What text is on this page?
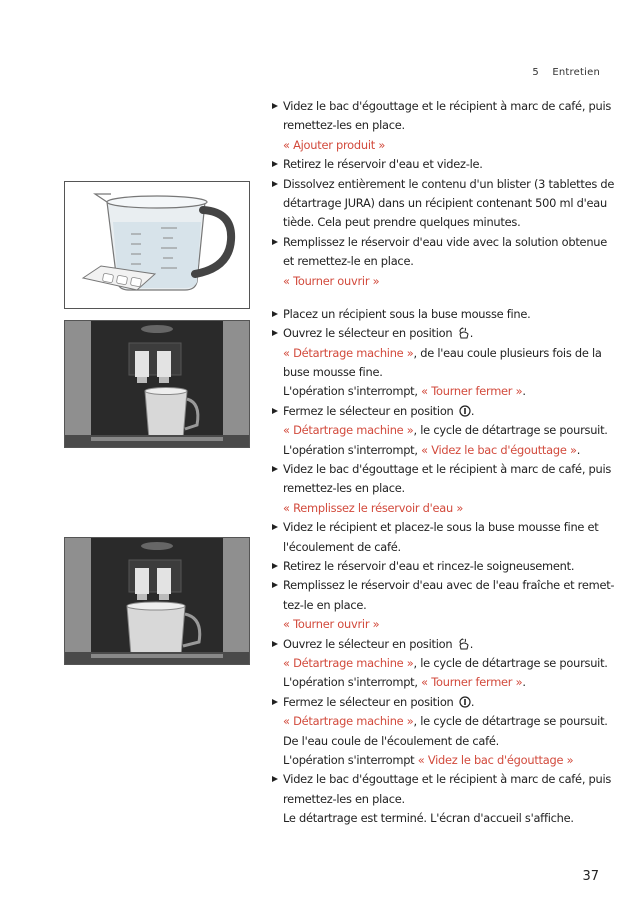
5 Entretien
Videz le bac d'égouttage et le récipient à marc de café, puis
remettez-les en place.
« Ajouter produit »
Retirez le réservoir d'eau et videz-le.
Dissolvez entièrement le contenu d'un blister (3 tablettes de
détartrage JURA) dans un récipient contenant 500 ml d'eau
tiède. Cela peut prendre quelques minutes.
Remplissez le réservoir d'eau vide avec la solution obtenue
et remettez-le en place.
« Tourner ouvrir »
Placez un récipient sous la buse mousse fine.
Ouvrez le sélecteur en position .
« Détartrage machine », de l'eau coule plusieurs fois de la
buse mousse fine.
L'opération s'interrompt, « Tourner fermer ».
Fermez le sélecteur en position .
« Détartrage machine », le cycle de détartrage se poursuit.
L'opération s'interrompt, « Videz le bac d'égouttage ».
Videz le bac d'égouttage et le récipient à marc de café, puis
remettez-les en place.
« Remplissez le réservoir d'eau »
Videz le récipient et placez-le sous la buse mousse fine et
l'écoulement de café.
Retirez le réservoir d'eau et rincez-le soigneusement.
Remplissez le réservoir d'eau avec de l'eau fraîche et remet-
tez-le en place.
« Tourner ouvrir »
Ouvrez le sélecteur en position .
« Détartrage machine », le cycle de détartrage se poursuit.
L'opération s'interrompt, « Tourner fermer ».
Fermez le sélecteur en position .
« Détartrage machine », le cycle de détartrage se poursuit.
De l'eau coule de l'écoulement de café.
L'opération s'interrompt « Videz le bac d'égouttage »
Videz le bac d'égouttage et le récipient à marc de café, puis
remettez-les en place.
Le détartrage est terminé. L'écran d'accueil s'affiche.
37
